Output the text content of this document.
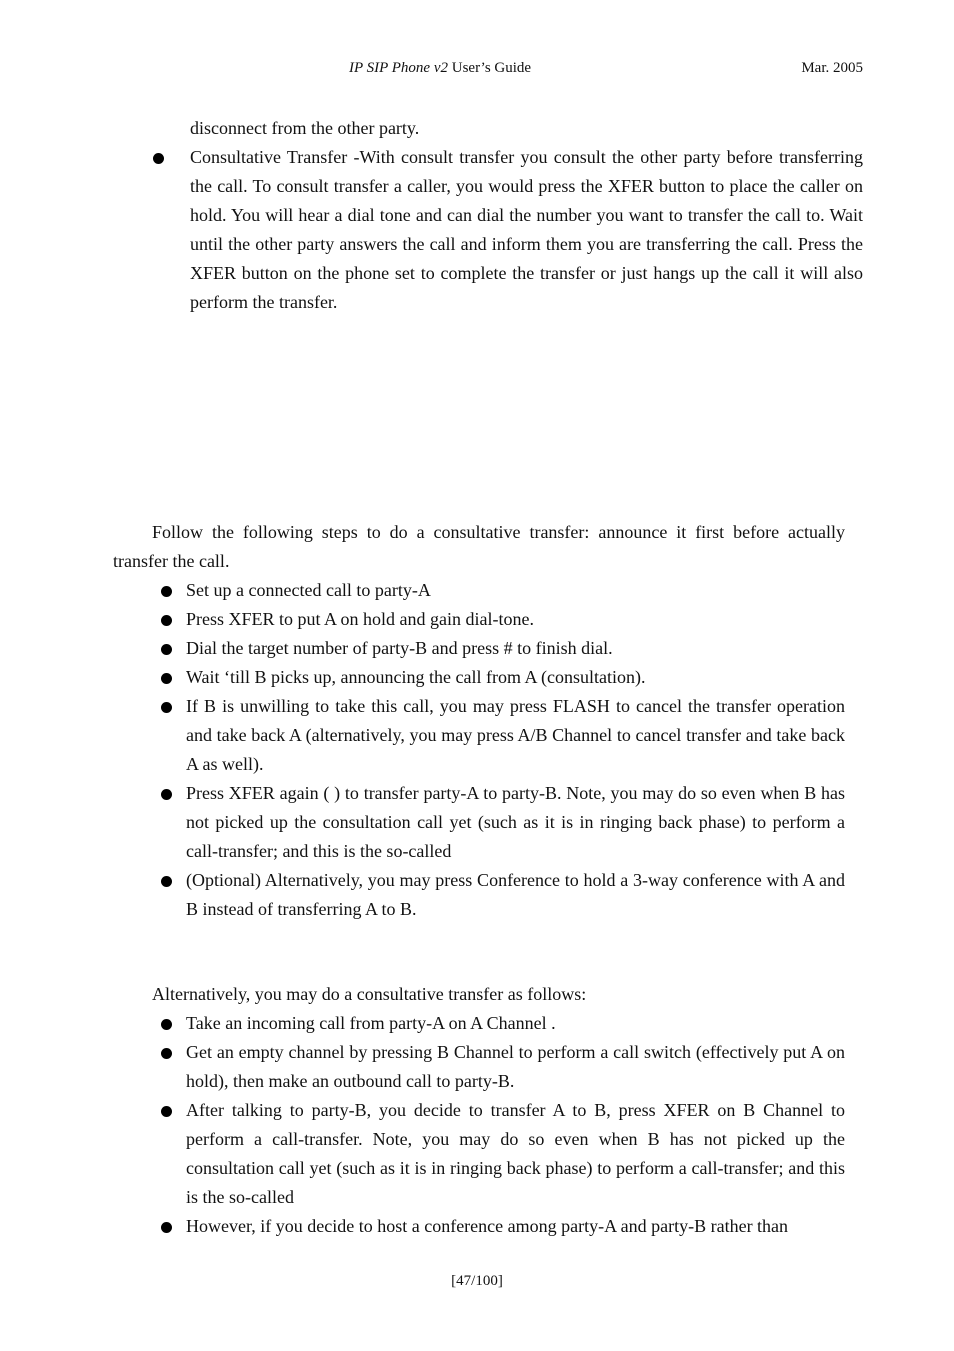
IP SIP Phone v2 User’s Guide	Mar. 2005

disconnect from the other party.

Consultative Transfer -With consult transfer you consult the other party before transferring the call. To consult transfer a caller, you would press the XFER button to place the caller on hold. You will hear a dial tone and can dial the number you want to transfer the call to. Wait until the other party answers the call and inform them you are transferring the call. Press the XFER button on the phone set to complete the transfer or just hangs up the call it will also perform the transfer.

Follow the following steps to do a consultative transfer: announce it first before actually transfer the call.

Set up a connected call to party-A
Press XFER to put A on hold and gain dial-tone.
Dial the target number of party-B and press # to finish dial.
Wait ‘till B picks up, announcing the call from A (consultation).
If B is unwilling to take this call, you may press FLASH to cancel the transfer operation and take back A (alternatively, you may press A/B Channel to cancel transfer and take back A as well).
Press XFER again ( ) to transfer party-A to party-B. Note, you may do so even when B has not picked up the consultation call yet (such as it is in ringing back phase) to perform a call-transfer; and this is the so-called
(Optional) Alternatively, you may press Conference to hold a 3-way conference with A and B instead of transferring A to B.

Alternatively, you may do a consultative transfer as follows:

Take an incoming call from party-A on A Channel .
Get an empty channel by pressing B Channel to perform a call switch (effectively put A on hold), then make an outbound call to party-B.
After talking to party-B, you decide to transfer A to B, press XFER on B Channel to perform a call-transfer. Note, you may do so even when B has not picked up the consultation call yet (such as it is in ringing back phase) to perform a call-transfer; and this is the so-called
However, if you decide to host a conference among party-A and party-B rather than
[47/100]
